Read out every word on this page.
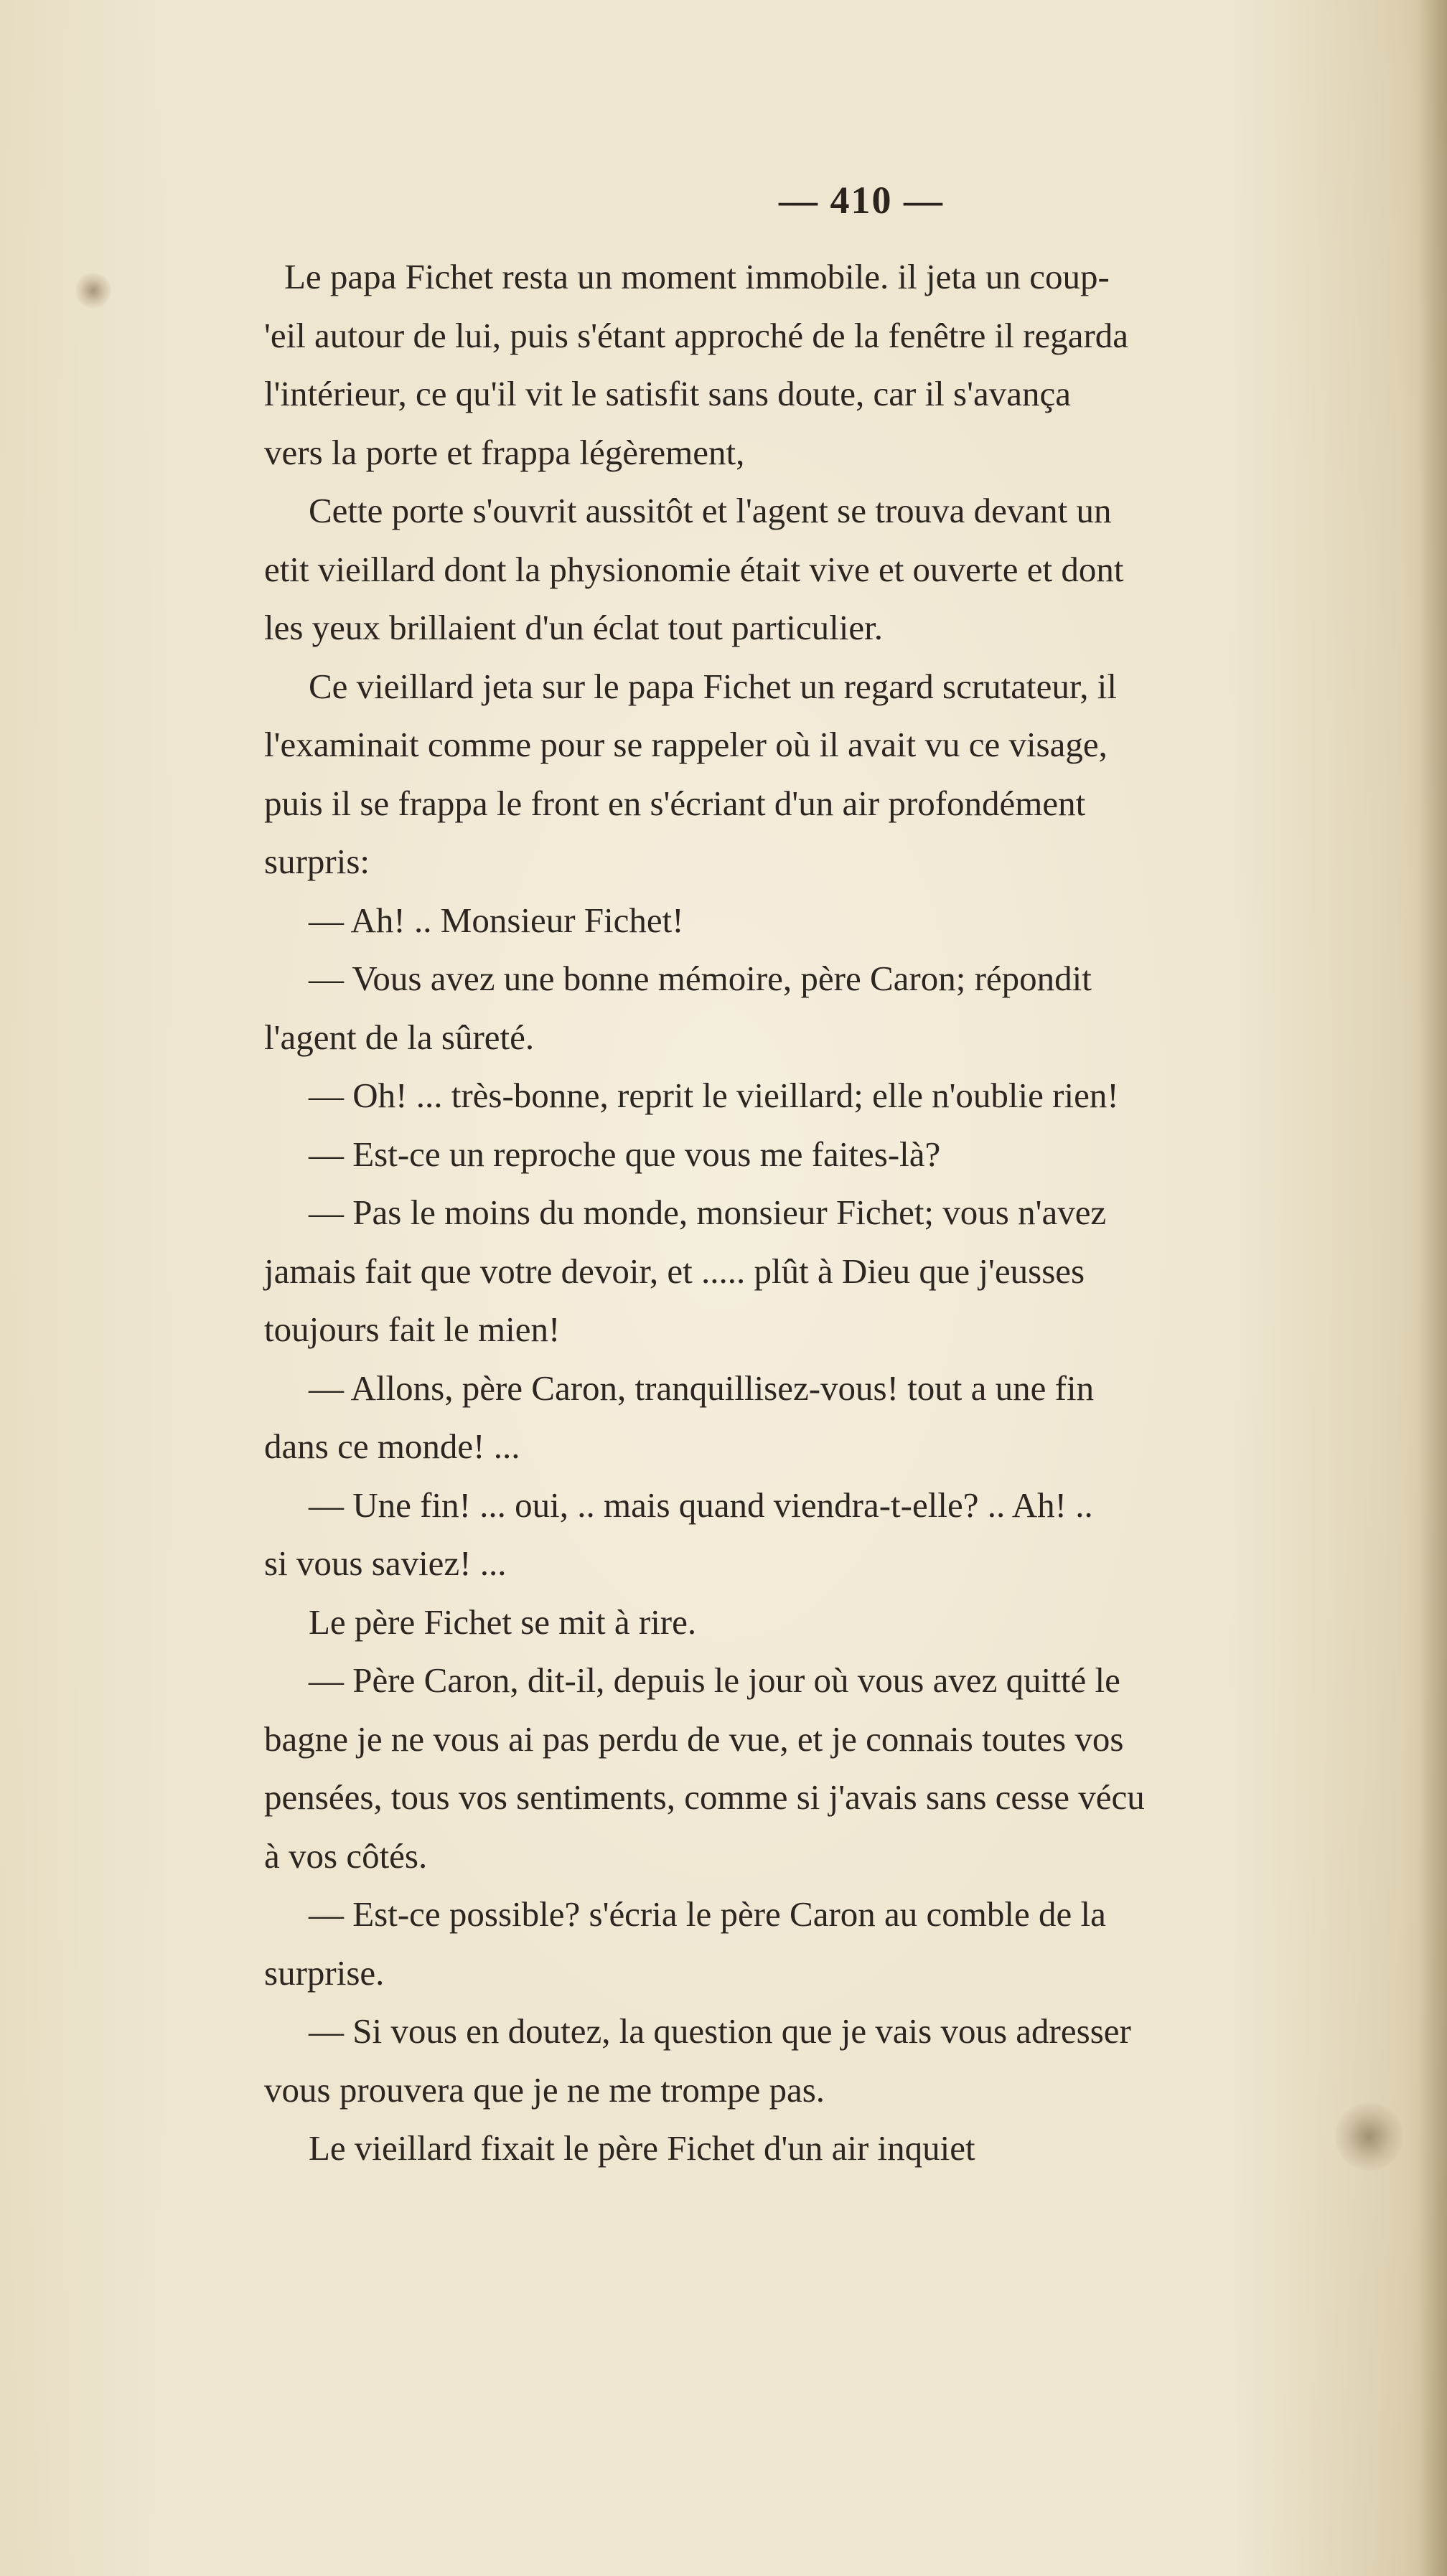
— 410 —
Le papa Fichet resta un moment immobile. il jeta un coup-
'eil autour de lui, puis s'étant approché de la fenêtre il regarda
l'intérieur, ce qu'il vit le satisfit sans doute, car il s'avança
vers la porte et frappa légèrement,
Cette porte s'ouvrit aussitôt et l'agent se trouva devant un
etit vieillard dont la physionomie était vive et ouverte et dont
les yeux brillaient d'un éclat tout particulier.
Ce vieillard jeta sur le papa Fichet un regard scrutateur, il
l'examinait comme pour se rappeler où il avait vu ce visage,
puis il se frappa le front en s'écriant d'un air profondément
surpris:
— Ah! .. Monsieur Fichet!
— Vous avez une bonne mémoire, père Caron; répondit
l'agent de la sûreté.
— Oh! ... très-bonne, reprit le vieillard; elle n'oublie rien!
— Est-ce un reproche que vous me faites-là?
— Pas le moins du monde, monsieur Fichet; vous n'avez
jamais fait que votre devoir, et ..... plût à Dieu que j'eusses
toujours fait le mien!
— Allons, père Caron, tranquillisez-vous! tout a une fin
dans ce monde! ...
— Une fin! ... oui, .. mais quand viendra-t-elle? .. Ah! ..
si vous saviez! ...
Le père Fichet se mit à rire.
— Père Caron, dit-il, depuis le jour où vous avez quitté le
bagne je ne vous ai pas perdu de vue, et je connais toutes vos
pensées, tous vos sentiments, comme si j'avais sans cesse vécu
à vos côtés.
— Est-ce possible? s'écria le père Caron au comble de la
surprise.
— Si vous en doutez, la question que je vais vous adresser
vous prouvera que je ne me trompe pas.
Le vieillard fixait le père Fichet d'un air inquiet
